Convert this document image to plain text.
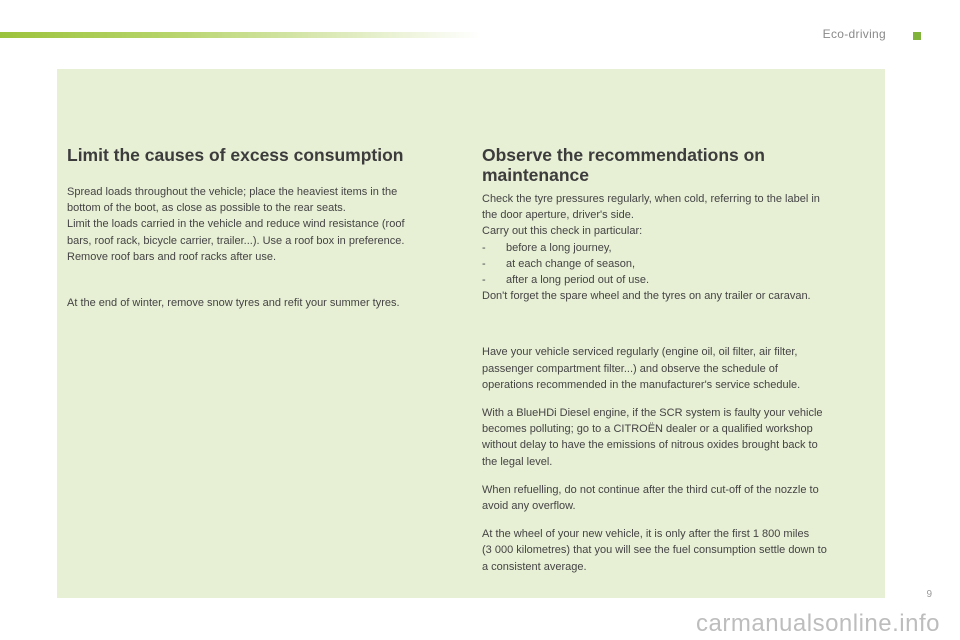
Eco-driving
Limit the causes of excess consumption
Spread loads throughout the vehicle; place the heaviest items in the
bottom of the boot, as close as possible to the rear seats.
Limit the loads carried in the vehicle and reduce wind resistance (roof
bars, roof rack, bicycle carrier, trailer...). Use a roof box in preference.
Remove roof bars and roof racks after use.
At the end of winter, remove snow tyres and refit your summer tyres.
Observe the recommendations on
maintenance
Check the tyre pressures regularly, when cold, referring to the label in
the door aperture, driver's side.
Carry out this check in particular:
- before a long journey,
- at each change of season,
- after a long period out of use.
Don't forget the spare wheel and the tyres on any trailer or caravan.
Have your vehicle serviced regularly (engine oil, oil filter, air filter,
passenger compartment filter...) and observe the schedule of
operations recommended in the manufacturer's service schedule.
With a BlueHDi Diesel engine, if the SCR system is faulty your vehicle
becomes polluting; go to a CITROËN dealer or a qualified workshop
without delay to have the emissions of nitrous oxides brought back to
the legal level.
When refuelling, do not continue after the third cut-off of the nozzle to
avoid any overflow.
At the wheel of your new vehicle, it is only after the first 1 800 miles
(3 000 kilometres) that you will see the fuel consumption settle down to
a consistent average.
9
carmanualsonline.info
